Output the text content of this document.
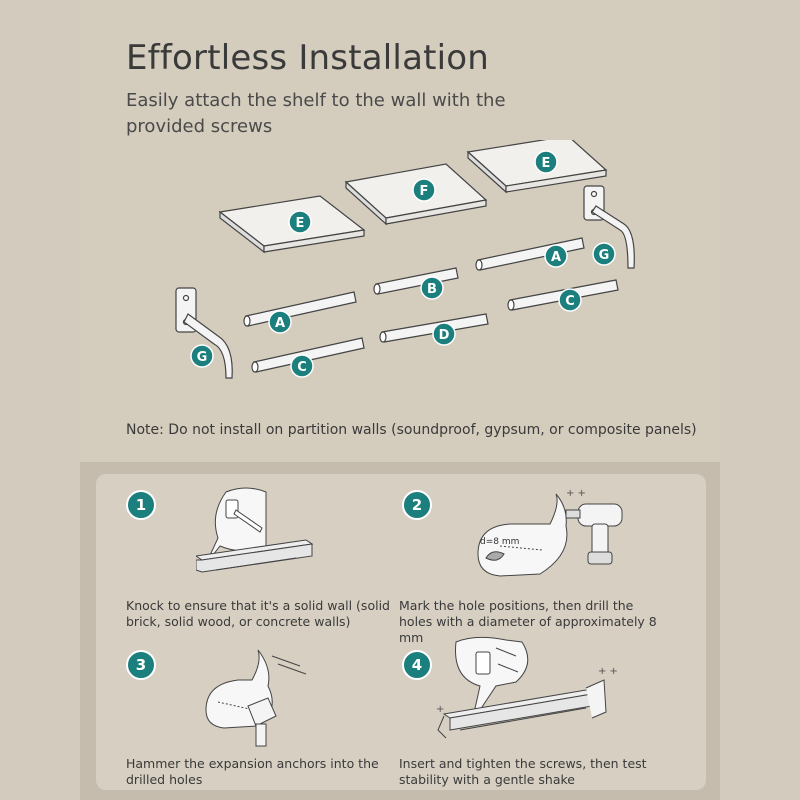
Effortless Installation

Easily attach the shelf to the wall with the provided screws

E
F
E
A	G
B
C
A
D
G
C

Note: Do not install on partition walls (soundproof, gypsum, or composite panels)

1

Knock to ensure that it's a solid wall (solid brick, solid wood, or concrete walls)

2
d=8 mm
+ +

Mark the hole positions, then drill the holes with a diameter of approximately 8 mm

3

Hammer the expansion anchors into the drilled holes

4
+
+ +

Insert and tighten the screws, then test stability with a gentle shake
